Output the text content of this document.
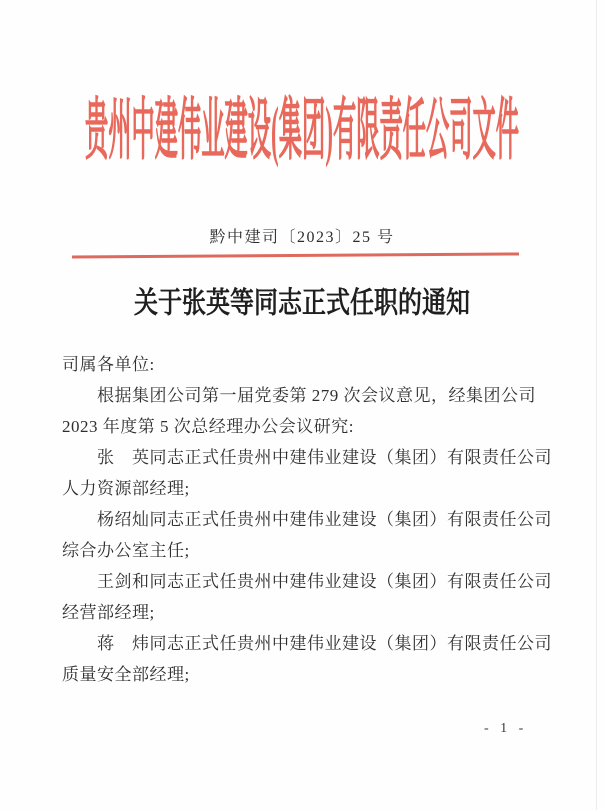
贵州中建伟业建设(集团)有限责任公司文件
黔中建司〔2023〕25 号
关于张英等同志正式任职的通知
司属各单位:
　　根据集团公司第一届党委第 279 次会议意见，经集团公司
2023 年度第 5 次总经理办公会议研究:
　　张　英同志正式任贵州中建伟业建设（集团）有限责任公司
人力资源部经理;
　　杨绍灿同志正式任贵州中建伟业建设（集团）有限责任公司
综合办公室主任;
　　王剑和同志正式任贵州中建伟业建设（集团）有限责任公司
经营部经理;
　　蒋　炜同志正式任贵州中建伟业建设（集团）有限责任公司
质量安全部经理;
- 1 -
